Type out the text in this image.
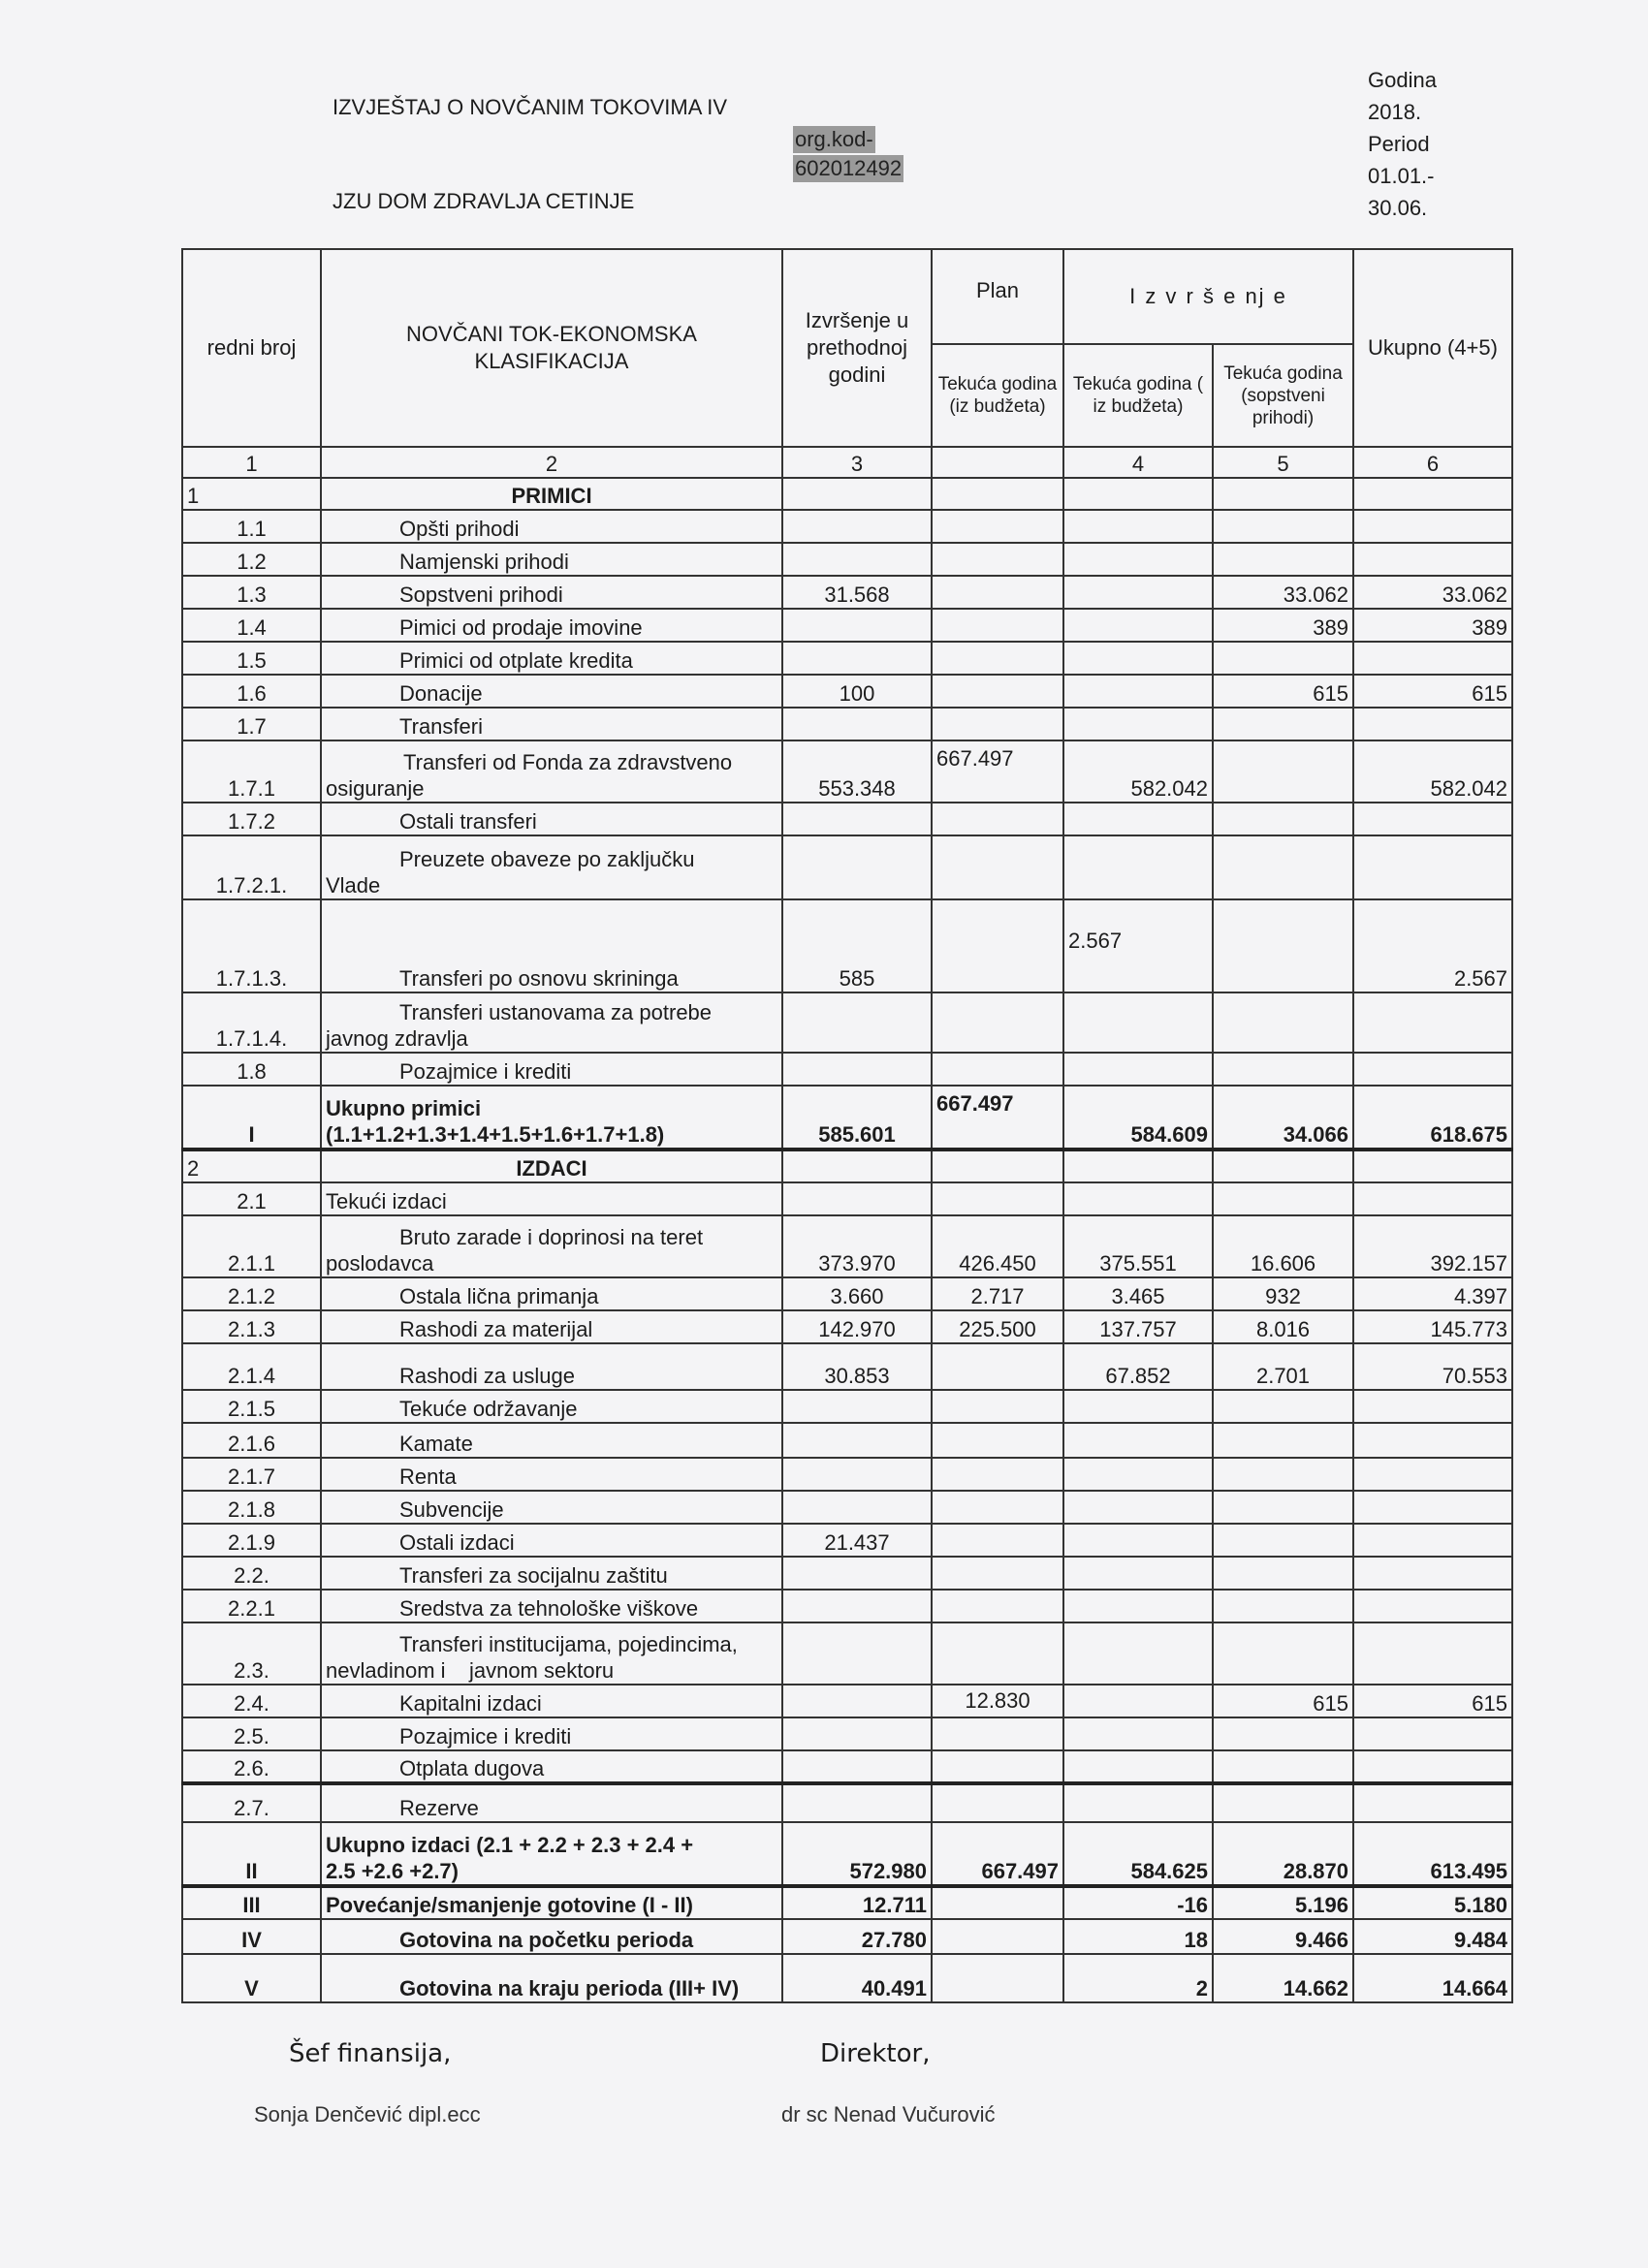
IZVJEŠTAJ O NOVČANIM TOKOVIMA IV
JZU DOM ZDRAVLJA CETINJE
org.kod-
602012492
Godina
2018.
Period
01.01.-
30.06.
redni broj	NOVČANI TOK-EKONOMSKA KLASIFIKACIJA	Izvršenje u prethodnoj godini	Plan	I z v r š e nj e		Ukupno (4+5)
			Tekuća godina (iz budžeta)	Tekuća godina ( iz budžeta)	Tekuća godina (sopstveni prihodi)	
1	2	3		4	5	6
1	PRIMICI					
1.1	Opšti prihodi					
1.2	Namjenski prihodi					
1.3	Sopstveni prihodi	31.568			33.062	33.062
1.4	Pimici od prodaje imovine				389	389
1.5	Primici od otplate kredita					
1.6	Donacije	100			615	615
1.7	Transferi					
1.7.1	Transferi od Fonda za zdravstveno
osiguranje	553.348	667.497	582.042		582.042
1.7.2	Ostali transferi					
1.7.2.1.	Preuzete obaveze po zaključku
Vlade					

1.7.1.3.	Transferi po osnovu skrininga	585		2.567		2.567
1.7.1.4.	Transferi ustanovama za potrebe
javnog zdravlja					

1.8	Pozajmice i krediti					
I	Ukupno primici
(1.1+1.2+1.3+1.4+1.5+1.6+1.7+1.8)	585.601	667.497	584.609	34.066	618.675
2	IZDACI					
2.1	Tekući izdaci					
2.1.1	Bruto zarade i doprinosi na teret
poslodavca	373.970	426.450	375.551	16.606	392.157
2.1.2	Ostala lična primanja	3.660	2.717	3.465	932	4.397
2.1.3	Rashodi za materijal	142.970	225.500	137.757	8.016	145.773
2.1.4	Rashodi za usluge	30.853		67.852	2.701	70.553
2.1.5	Tekuće održavanje					
2.1.6	Kamate					
2.1.7	Renta					
2.1.8	Subvencije					
2.1.9	Ostali izdaci	21.437				
2.2.	Transferi za socijalnu zaštitu					
2.2.1	Sredstva za tehnološke viškove					
2.3.	Transferi institucijama, pojedincima,
nevladinom i    javnom sektoru					

2.4.	Kapitalni izdaci		12.830		615	615
2.5.	Pozajmice i krediti					
2.6.	Otplata dugova					
2.7.	Rezerve					
II	Ukupno izdaci (2.1 + 2.2 + 2.3 + 2.4 +
2.5 +2.6 +2.7)	572.980	667.497	584.625	28.870	613.495
III	Povećanje/smanjenje gotovine (I - II)	12.711		-16	5.196	5.180
IV	Gotovina na početku perioda	27.780		18	9.466	9.484
V	Gotovina na kraju perioda (III+ IV)	40.491		2	14.662	14.664
Šef finansija,	Direktor,
Sonja Denčević dipl.ecc	dr sc Nenad Vučurović
